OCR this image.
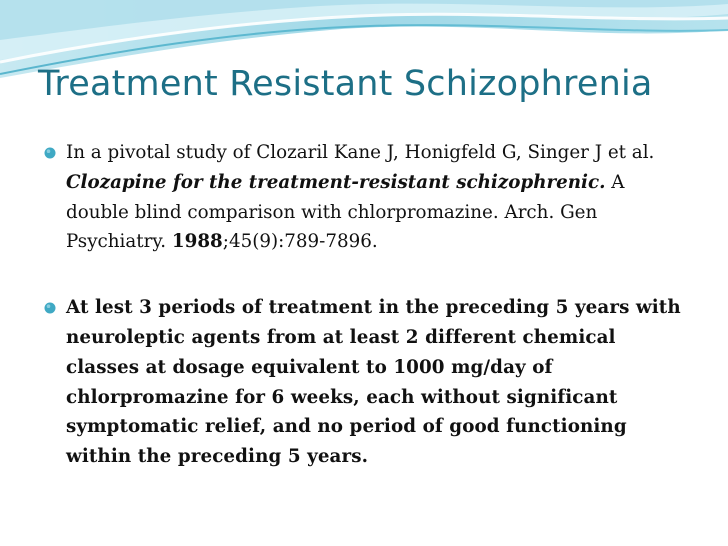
Treatment Resistant Schizophrenia
In a pivotal study of Clozaril Kane J, Honigfeld G, Singer J et al. Clozapine for the treatment-resistant schizophrenic. A double blind comparison with chlorpromazine. Arch. Gen Psychiatry. 1988;45(9):789-7896.
At lest 3 periods of treatment in the preceding 5 years with neuroleptic agents from at least 2 different chemical classes at dosage equivalent to 1000 mg/day of chlorpromazine for 6 weeks, each without significant symptomatic relief, and no period of good functioning within the preceding 5 years.
